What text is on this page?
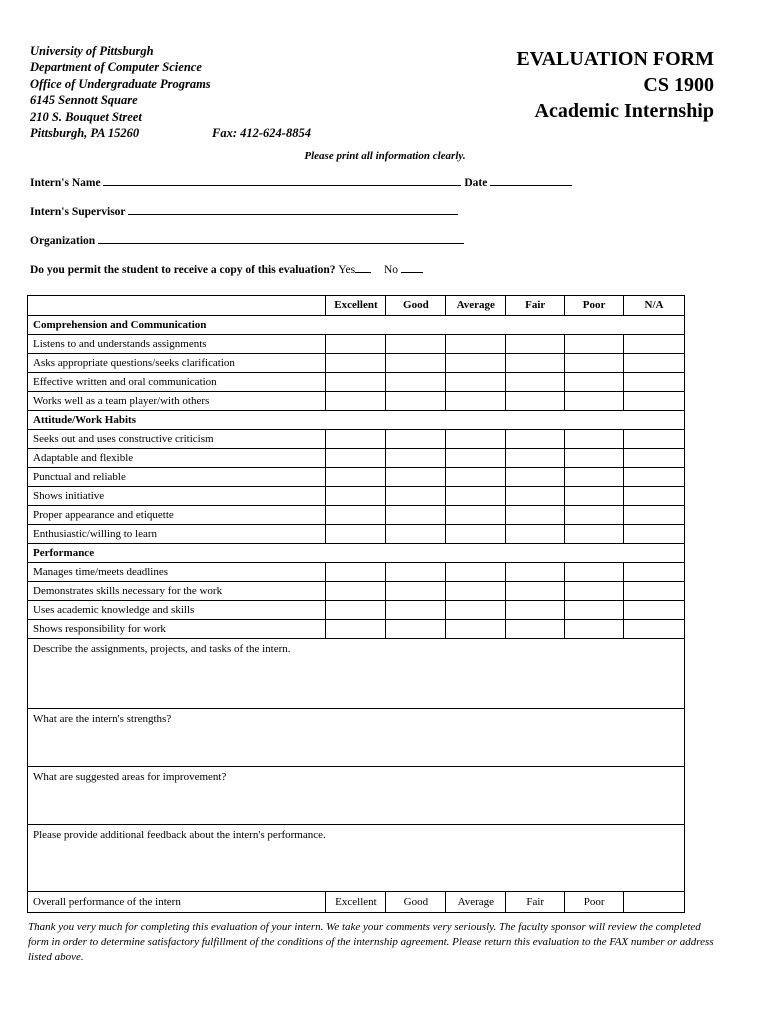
University of Pittsburgh
Department of Computer Science
Office of Undergraduate Programs
6145 Sennott Square
210 S. Bouquet Street
Pittsburgh, PA 15260	Fax: 412-624-8854
EVALUATION FORM
CS 1900
Academic Internship
Please print all information clearly.
Intern's Name	Date
Intern's Supervisor
Organization
Do you permit the student to receive a copy of this evaluation? Yes	No
	Excellent	Good	Average	Fair	Poor	N/A
Comprehension and Communication						
Listens to and understands assignments						
Asks appropriate questions/seeks clarification						
Effective written and oral communication						
Works well as a team player/with others						
Attitude/Work Habits						
Seeks out and uses constructive criticism						
Adaptable and flexible						
Punctual and reliable						
Shows initiative						
Proper appearance and etiquette						
Enthusiastic/willing to learn						
Performance						
Manages time/meets deadlines						
Demonstrates skills necessary for the work						
Uses academic knowledge and skills						
Shows responsibility for work						
Describe the assignments, projects, and tasks of the intern.						
What are the intern's strengths?						
What are suggested areas for improvement?						
Please provide additional feedback about the intern's performance.						
Overall performance of the intern	Excellent	Good	Average	Fair	Poor	
Thank you very much for completing this evaluation of your intern. We take your comments very seriously. The faculty sponsor will review the completed form in order to determine satisfactory fulfillment of the conditions of the internship agreement. Please return this evaluation to the FAX number or address listed above.
